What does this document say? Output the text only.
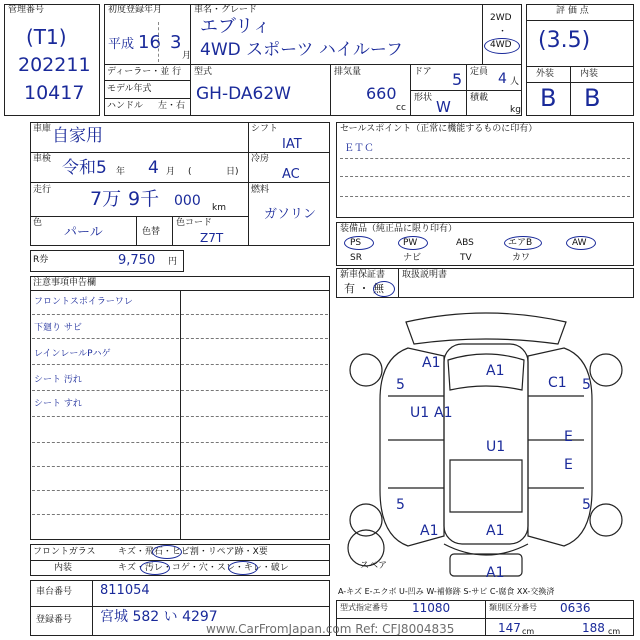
管理番号
(T1)
202211
10417
初度登録年月
平成 16 3
月
車名・グレード
エブリィ
4WD スポーツ ハイルーフ
2WD
・
4WD
評 価 点
(3.5)
外装	内装
B B
ディーラー・並 行
モデル年式
ハンドル 左・右
型式
GH-DA62W
排気量
660
cc
ドア 5 定員 4 人
形状 W 積載
kg
車庫 自家用
車検 令和5 年 4 月 (	日)
走行 7万 9千 000 km
色
パール	色替
色コード
Z7T
シフト
IAT
冷房
AC
燃料
ガソリン
R券	9,750 円
セールスポイント（正常に機能するものに印有）
ＥＴＣ
装備品（純正品に限り印有）
PS	PW	ABS	エアB	AW
SR	ナビ	TV	カワ
新車保証書 取扱説明書
有 ・ 無
注意事項申告欄
フロントスポイラーワレ
下廻り サビ
レインレールPハゲ
シート 汚れ
シート すれ
A1	A1
C1
5	5
U1 A1
U1
E
E
5	5
A1	A1
A1
スペア
フロントガラス	キズ・飛石・ヒビ割・リペア跡・X要
内装	キズ・汚レ・コゲ・穴・スレ・キレ・破レ
車台番号 811054
登録番号 宮城 582 い 4297
A-キズ E-エクボ U-凹み W-補修跡 S-サビ C-腐食 XX-交換済
型式指定番号 11080	類別区分番号 0636
147 cm	188 cm
www.CarFromJapan.com Ref: CFJ8004835
